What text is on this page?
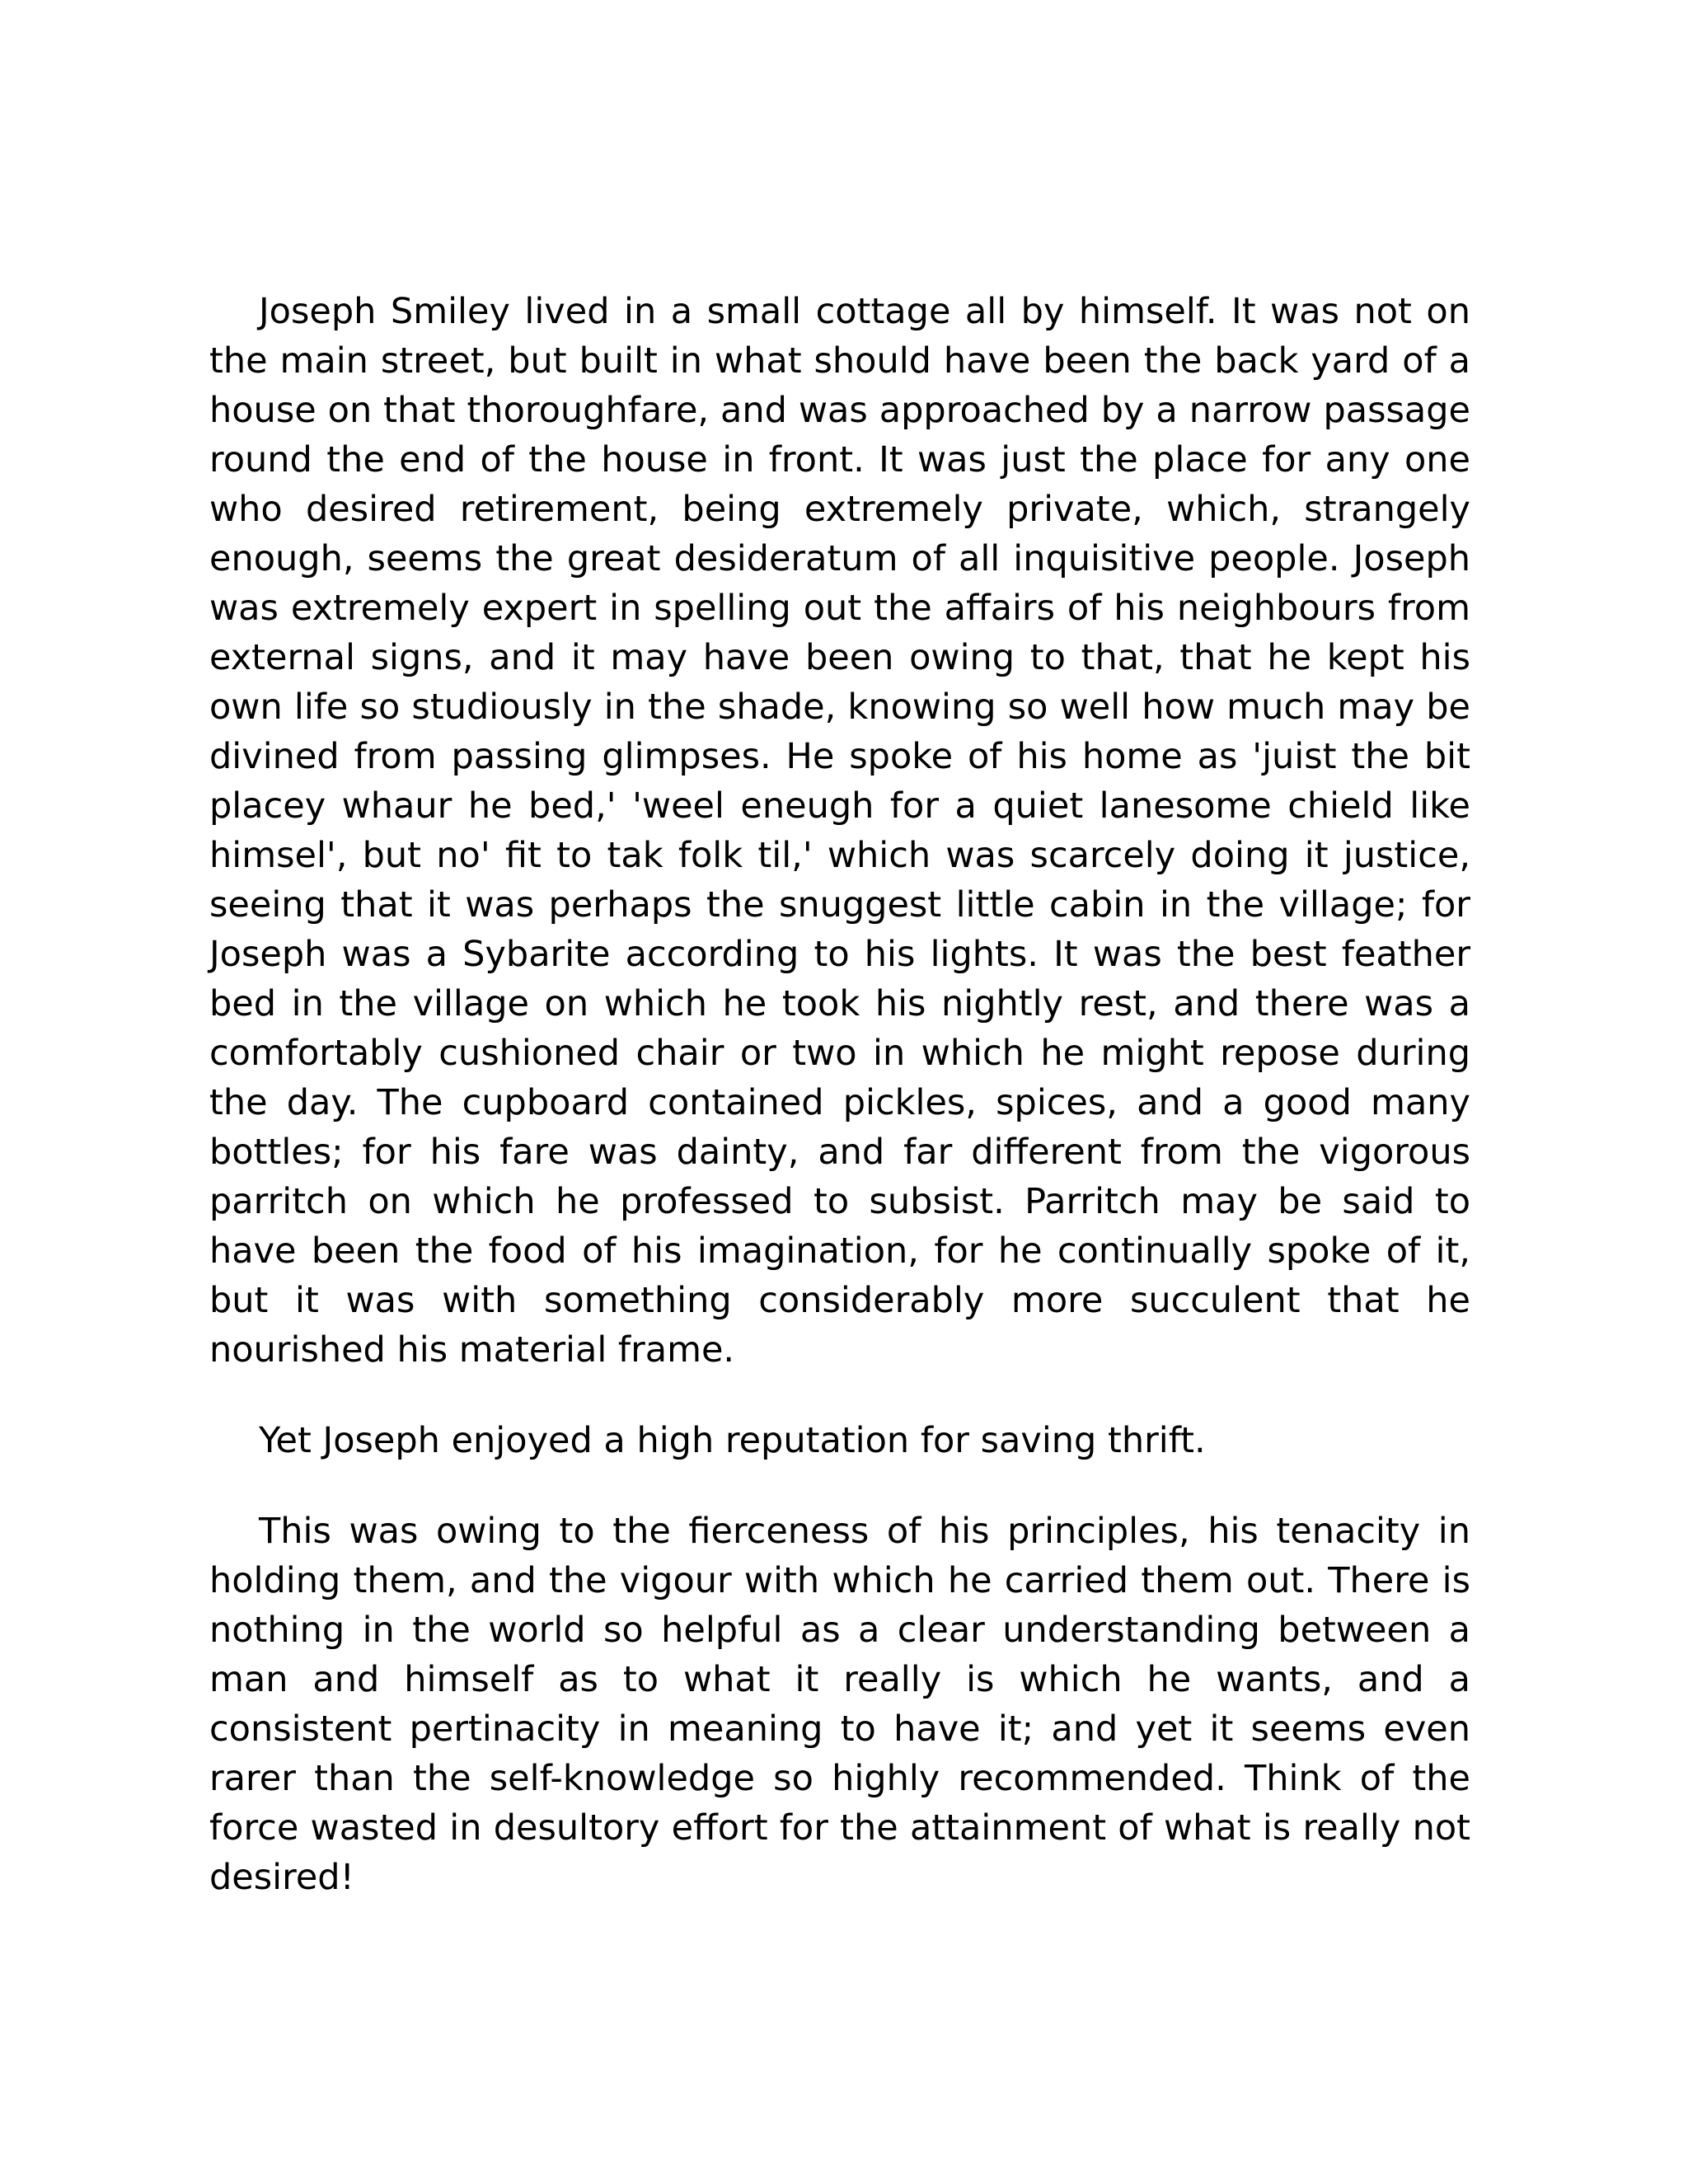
Joseph Smiley lived in a small cottage all by himself. It was not on the main street, but built in what should have been the back yard of a house on that thoroughfare, and was approached by a narrow passage round the end of the house in front. It was just the place for any one who desired retirement, being extremely private, which, strangely enough, seems the great desideratum of all inquisitive people. Joseph was extremely expert in spelling out the affairs of his neighbours from external signs, and it may have been owing to that, that he kept his own life so studiously in the shade, knowing so well how much may be divined from passing glimpses. He spoke of his home as 'juist the bit placey whaur he bed,' 'weel eneugh for a quiet lanesome chield like himsel', but no' fit to tak folk til,' which was scarcely doing it justice, seeing that it was perhaps the snuggest little cabin in the village; for Joseph was a Sybarite according to his lights. It was the best feather bed in the village on which he took his nightly rest, and there was a comfortably cushioned chair or two in which he might repose during the day. The cupboard contained pickles, spices, and a good many bottles; for his fare was dainty, and far different from the vigorous parritch on which he professed to subsist. Parritch may be said to have been the food of his imagination, for he continually spoke of it, but it was with something considerably more succulent that he nourished his material frame.

Yet Joseph enjoyed a high reputation for saving thrift.

This was owing to the fierceness of his principles, his tenacity in holding them, and the vigour with which he carried them out. There is nothing in the world so helpful as a clear understanding between a man and himself as to what it really is which he wants, and a consistent pertinacity in meaning to have it; and yet it seems even rarer than the self-knowledge so highly recommended. Think of the force wasted in desultory effort for the attainment of what is really not desired!
